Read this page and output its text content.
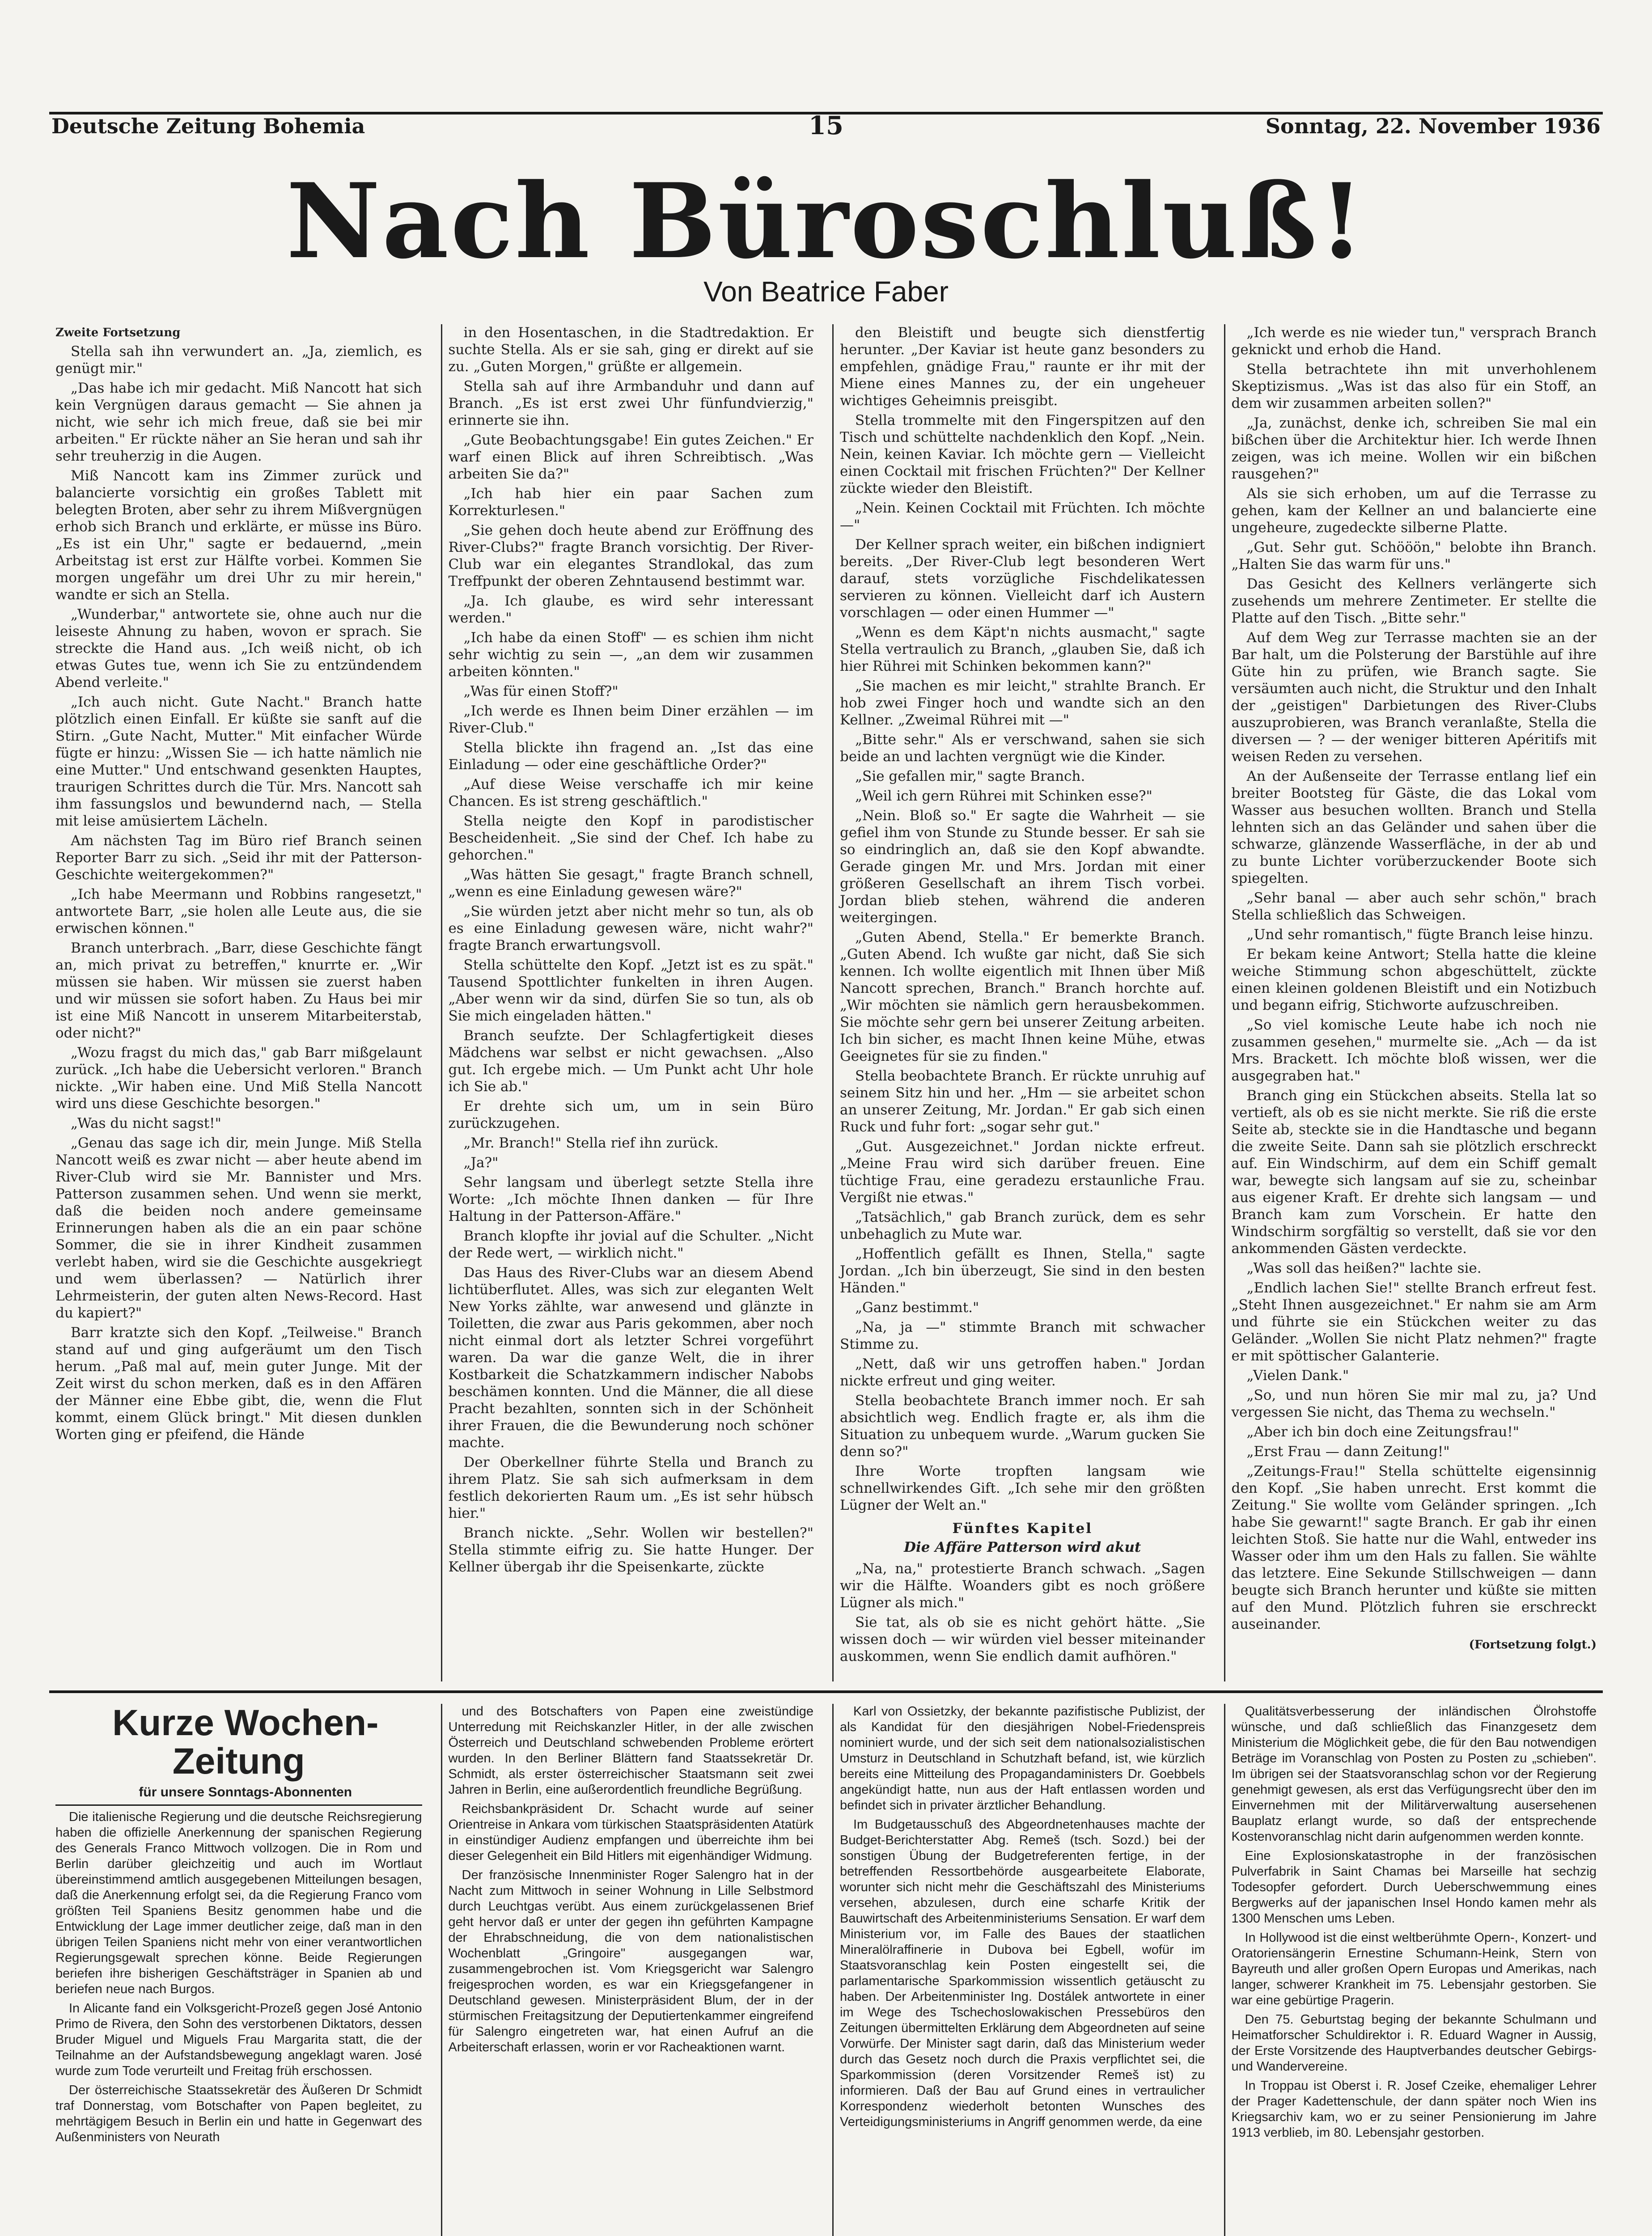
Deutsche Zeitung Bohemia	15	Sonntag, 22. November 1936
Nach Büroschluß!
Von Beatrice Faber

Zweite Fortsetzung

Stella sah ihn verwundert an. „Ja, ziemlich, es genügt mir."

„Das habe ich mir gedacht. Miß Nancott hat sich kein Vergnügen daraus gemacht — Sie ahnen ja nicht, wie sehr ich mich freue, daß sie bei mir arbeiten." Er rückte näher an Sie heran und sah ihr sehr treuherzig in die Augen.

Miß Nancott kam ins Zimmer zurück und balancierte vorsichtig ein großes Tablett mit belegten Broten, aber sehr zu ihrem Mißvergnügen erhob sich Branch und erklärte, er müsse ins Büro. „Es ist ein Uhr," sagte er bedauernd, „mein Arbeitstag ist erst zur Hälfte vorbei. Kommen Sie morgen ungefähr um drei Uhr zu mir herein," wandte er sich an Stella.

„Wunderbar," antwortete sie, ohne auch nur die leiseste Ahnung zu haben, wovon er sprach. Sie streckte die Hand aus. „Ich weiß nicht, ob ich etwas Gutes tue, wenn ich Sie zu entzündendem Abend verleite."

„Ich auch nicht. Gute Nacht." Branch hatte plötzlich einen Einfall. Er küßte sie sanft auf die Stirn. „Gute Nacht, Mutter." Mit einfacher Würde fügte er hinzu: „Wissen Sie — ich hatte nämlich nie eine Mutter." Und entschwand gesenkten Hauptes, traurigen Schrittes durch die Tür. Mrs. Nancott sah ihm fassungslos und bewundernd nach, — Stella mit leise amüsiertem Lächeln.

Am nächsten Tag im Büro rief Branch seinen Reporter Barr zu sich. „Seid ihr mit der Patterson-Geschichte weitergekommen?"

„Ich habe Meermann und Robbins rangesetzt," antwortete Barr, „sie holen alle Leute aus, die sie erwischen können."

Branch unterbrach. „Barr, diese Geschichte fängt an, mich privat zu betreffen," knurrte er. „Wir müssen sie haben. Wir müssen sie zuerst haben und wir müssen sie sofort haben. Zu Haus bei mir ist eine Miß Nancott in unserem Mitarbeiterstab, oder nicht?"

„Wozu fragst du mich das," gab Barr mißgelaunt zurück. „Ich habe die Uebersicht verloren." Branch nickte. „Wir haben eine. Und Miß Stella Nancott wird uns diese Geschichte besorgen."

„Was du nicht sagst!"

„Genau das sage ich dir, mein Junge. Miß Stella Nancott weiß es zwar nicht — aber heute abend im River-Club wird sie Mr. Bannister und Mrs. Patterson zusammen sehen. Und wenn sie merkt, daß die beiden noch andere gemeinsame Erinnerungen haben als die an ein paar schöne Sommer, die sie in ihrer Kindheit zusammen verlebt haben, wird sie die Geschichte ausgekriegt und wem überlassen? — Natürlich ihrer Lehrmeisterin, der guten alten News-Record. Hast du kapiert?"

Barr kratzte sich den Kopf. „Teilweise." Branch stand auf und ging aufgeräumt um den Tisch herum. „Paß mal auf, mein guter Junge. Mit der Zeit wirst du schon merken, daß es in den Affären der Männer eine Ebbe gibt, die, wenn die Flut kommt, einem Glück bringt." Mit diesen dunklen Worten ging er pfeifend, die Hände

in den Hosentaschen, in die Stadtredaktion. Er suchte Stella. Als er sie sah, ging er direkt auf sie zu. „Guten Morgen," grüßte er allgemein.

Stella sah auf ihre Armbanduhr und dann auf Branch. „Es ist erst zwei Uhr fünfundvierzig," erinnerte sie ihn.

„Gute Beobachtungsgabe! Ein gutes Zeichen." Er warf einen Blick auf ihren Schreibtisch. „Was arbeiten Sie da?"

„Ich hab hier ein paar Sachen zum Korrekturlesen."

„Sie gehen doch heute abend zur Eröffnung des River-Clubs?" fragte Branch vorsichtig. Der River-Club war ein elegantes Strandlokal, das zum Treffpunkt der oberen Zehntausend bestimmt war.

„Ja. Ich glaube, es wird sehr interessant werden."

„Ich habe da einen Stoff" — es schien ihm nicht sehr wichtig zu sein —, „an dem wir zusammen arbeiten könnten."

„Was für einen Stoff?"

„Ich werde es Ihnen beim Diner erzählen — im River-Club."

Stella blickte ihn fragend an. „Ist das eine Einladung — oder eine geschäftliche Order?"

„Auf diese Weise verschaffe ich mir keine Chancen. Es ist streng geschäftlich."

Stella neigte den Kopf in parodistischer Bescheidenheit. „Sie sind der Chef. Ich habe zu gehorchen."

„Was hätten Sie gesagt," fragte Branch schnell, „wenn es eine Einladung gewesen wäre?"

„Sie würden jetzt aber nicht mehr so tun, als ob es eine Einladung gewesen wäre, nicht wahr?" fragte Branch erwartungsvoll.

Stella schüttelte den Kopf. „Jetzt ist es zu spät." Tausend Spottlichter funkelten in ihren Augen. „Aber wenn wir da sind, dürfen Sie so tun, als ob Sie mich eingeladen hätten."

Branch seufzte. Der Schlagfertigkeit dieses Mädchens war selbst er nicht gewachsen. „Also gut. Ich ergebe mich. — Um Punkt acht Uhr hole ich Sie ab."

Er drehte sich um, um in sein Büro zurückzugehen.

„Mr. Branch!" Stella rief ihn zurück.

„Ja?"

Sehr langsam und überlegt setzte Stella ihre Worte: „Ich möchte Ihnen danken — für Ihre Haltung in der Patterson-Affäre."

Branch klopfte ihr jovial auf die Schulter. „Nicht der Rede wert, — wirklich nicht."

Das Haus des River-Clubs war an diesem Abend lichtüberflutet. Alles, was sich zur eleganten Welt New Yorks zählte, war anwesend und glänzte in Toiletten, die zwar aus Paris gekommen, aber noch nicht einmal dort als letzter Schrei vorgeführt waren. Da war die ganze Welt, die in ihrer Kostbarkeit die Schatzkammern indischer Nabobs beschämen konnten. Und die Männer, die all diese Pracht bezahlten, sonnten sich in der Schönheit ihrer Frauen, die die Bewunderung noch schöner machte.

Der Oberkellner führte Stella und Branch zu ihrem Platz. Sie sah sich aufmerksam in dem festlich dekorierten Raum um. „Es ist sehr hübsch hier."

Branch nickte. „Sehr. Wollen wir bestellen?" Stella stimmte eifrig zu. Sie hatte Hunger. Der Kellner übergab ihr die Speisenkarte, zückte

den Bleistift und beugte sich dienstfertig herunter. „Der Kaviar ist heute ganz besonders zu empfehlen, gnädige Frau," raunte er ihr mit der Miene eines Mannes zu, der ein ungeheuer wichtiges Geheimnis preisgibt.

Stella trommelte mit den Fingerspitzen auf den Tisch und schüttelte nachdenklich den Kopf. „Nein. Nein, keinen Kaviar. Ich möchte gern — Vielleicht einen Cocktail mit frischen Früchten?" Der Kellner zückte wieder den Bleistift.

„Nein. Keinen Cocktail mit Früchten. Ich möchte —"

Der Kellner sprach weiter, ein bißchen indigniert bereits. „Der River-Club legt besonderen Wert darauf, stets vorzügliche Fischdelikatessen servieren zu können. Vielleicht darf ich Austern vorschlagen — oder einen Hummer —"

„Wenn es dem Käpt'n nichts ausmacht," sagte Stella vertraulich zu Branch, „glauben Sie, daß ich hier Rührei mit Schinken bekommen kann?"

„Sie machen es mir leicht," strahlte Branch. Er hob zwei Finger hoch und wandte sich an den Kellner. „Zweimal Rührei mit —"

„Bitte sehr." Als er verschwand, sahen sie sich beide an und lachten vergnügt wie die Kinder.

„Sie gefallen mir," sagte Branch.

„Weil ich gern Rührei mit Schinken esse?"

„Nein. Bloß so." Er sagte die Wahrheit — sie gefiel ihm von Stunde zu Stunde besser. Er sah sie so eindringlich an, daß sie den Kopf abwandte. Gerade gingen Mr. und Mrs. Jordan mit einer größeren Gesellschaft an ihrem Tisch vorbei. Jordan blieb stehen, während die anderen weitergingen.

„Guten Abend, Stella." Er bemerkte Branch. „Guten Abend. Ich wußte gar nicht, daß Sie sich kennen. Ich wollte eigentlich mit Ihnen über Miß Nancott sprechen, Branch." Branch horchte auf. „Wir möchten sie nämlich gern herausbekommen. Sie möchte sehr gern bei unserer Zeitung arbeiten. Ich bin sicher, es macht Ihnen keine Mühe, etwas Geeignetes für sie zu finden."

Stella beobachtete Branch. Er rückte unruhig auf seinem Sitz hin und her. „Hm — sie arbeitet schon an unserer Zeitung, Mr. Jordan." Er gab sich einen Ruck und fuhr fort: „sogar sehr gut."

„Gut. Ausgezeichnet." Jordan nickte erfreut. „Meine Frau wird sich darüber freuen. Eine tüchtige Frau, eine geradezu erstaunliche Frau. Vergißt nie etwas."

„Tatsächlich," gab Branch zurück, dem es sehr unbehaglich zu Mute war.

„Hoffentlich gefällt es Ihnen, Stella," sagte Jordan. „Ich bin überzeugt, Sie sind in den besten Händen."

„Ganz bestimmt."

„Na, ja —" stimmte Branch mit schwacher Stimme zu.

„Nett, daß wir uns getroffen haben." Jordan nickte erfreut und ging weiter.

Stella beobachtete Branch immer noch. Er sah absichtlich weg. Endlich fragte er, als ihm die Situation zu unbequem wurde. „Warum gucken Sie denn so?"

Ihre Worte tropften langsam wie schnellwirkendes Gift. „Ich sehe mir den größten Lügner der Welt an."

Fünftes Kapitel

Die Affäre Patterson wird akut

„Na, na," protestierte Branch schwach. „Sagen wir die Hälfte. Woanders gibt es noch größere Lügner als mich."

Sie tat, als ob sie es nicht gehört hätte. „Sie wissen doch — wir würden viel besser miteinander auskommen, wenn Sie endlich damit aufhören."

„Ich werde es nie wieder tun," versprach Branch geknickt und erhob die Hand.

Stella betrachtete ihn mit unverhohlenem Skeptizismus. „Was ist das also für ein Stoff, an dem wir zusammen arbeiten sollen?"

„Ja, zunächst, denke ich, schreiben Sie mal ein bißchen über die Architektur hier. Ich werde Ihnen zeigen, was ich meine. Wollen wir ein bißchen rausgehen?"

Als sie sich erhoben, um auf die Terrasse zu gehen, kam der Kellner an und balancierte eine ungeheure, zugedeckte silberne Platte.

„Gut. Sehr gut. Schööön," belobte ihn Branch. „Halten Sie das warm für uns."

Das Gesicht des Kellners verlängerte sich zusehends um mehrere Zentimeter. Er stellte die Platte auf den Tisch. „Bitte sehr."

Auf dem Weg zur Terrasse machten sie an der Bar halt, um die Polsterung der Barstühle auf ihre Güte hin zu prüfen, wie Branch sagte. Sie versäumten auch nicht, die Struktur und den Inhalt der „geistigen" Darbietungen des River-Clubs auszuprobieren, was Branch veranlaßte, Stella die diversen — ? — der weniger bitteren Apéritifs mit weisen Reden zu versehen.

An der Außenseite der Terrasse entlang lief ein breiter Bootsteg für Gäste, die das Lokal vom Wasser aus besuchen wollten. Branch und Stella lehnten sich an das Geländer und sahen über die schwarze, glänzende Wasserfläche, in der ab und zu bunte Lichter vorüberzuckender Boote sich spiegelten.

„Sehr banal — aber auch sehr schön," brach Stella schließlich das Schweigen.

„Und sehr romantisch," fügte Branch leise hinzu.

Er bekam keine Antwort; Stella hatte die kleine weiche Stimmung schon abgeschüttelt, zückte einen kleinen goldenen Bleistift und ein Notizbuch und begann eifrig, Stichworte aufzuschreiben.

„So viel komische Leute habe ich noch nie zusammen gesehen," murmelte sie. „Ach — da ist Mrs. Brackett. Ich möchte bloß wissen, wer die ausgegraben hat."

Branch ging ein Stückchen abseits. Stella lat so vertieft, als ob es sie nicht merkte. Sie riß die erste Seite ab, steckte sie in die Handtasche und begann die zweite Seite. Dann sah sie plötzlich erschreckt auf. Ein Windschirm, auf dem ein Schiff gemalt war, bewegte sich langsam auf sie zu, scheinbar aus eigener Kraft. Er drehte sich langsam — und Branch kam zum Vorschein. Er hatte den Windschirm sorgfältig so verstellt, daß sie vor den ankommenden Gästen verdeckte.

„Was soll das heißen?" lachte sie.

„Endlich lachen Sie!" stellte Branch erfreut fest. „Steht Ihnen ausgezeichnet." Er nahm sie am Arm und führte sie ein Stückchen weiter zu das Geländer. „Wollen Sie nicht Platz nehmen?" fragte er mit spöttischer Galanterie.

„Vielen Dank."

„So, und nun hören Sie mir mal zu, ja? Und vergessen Sie nicht, das Thema zu wechseln."

„Aber ich bin doch eine Zeitungsfrau!"

„Erst Frau — dann Zeitung!"

„Zeitungs-Frau!" Stella schüttelte eigensinnig den Kopf. „Sie haben unrecht. Erst kommt die Zeitung." Sie wollte vom Geländer springen. „Ich habe Sie gewarnt!" sagte Branch. Er gab ihr einen leichten Stoß. Sie hatte nur die Wahl, entweder ins Wasser oder ihm um den Hals zu fallen. Sie wählte das letztere. Eine Sekunde Stillschweigen — dann beugte sich Branch herunter und küßte sie mitten auf den Mund. Plötzlich fuhren sie erschreckt auseinander.

(Fortsetzung folgt.)

Kurze Wochen-Zeitung

für unsere Sonntags-Abonnenten

Die italienische Regierung und die deutsche Reichsregierung haben die offizielle Anerkennung der spanischen Regierung des Generals Franco Mittwoch vollzogen. Die in Rom und Berlin darüber gleichzeitig und auch im Wortlaut übereinstimmend amtlich ausgegebenen Mitteilungen besagen, daß die Anerkennung erfolgt sei, da die Regierung Franco vom größten Teil Spaniens Besitz genommen habe und die Entwicklung der Lage immer deutlicher zeige, daß man in den übrigen Teilen Spaniens nicht mehr von einer verantwortlichen Regierungsgewalt sprechen könne. Beide Regierungen beriefen ihre bisherigen Geschäftsträger in Spanien ab und beriefen neue nach Burgos.

In Alicante fand ein Volksgericht-Prozeß gegen José Antonio Primo de Rivera, den Sohn des verstorbenen Diktators, dessen Bruder Miguel und Miguels Frau Margarita statt, die der Teilnahme an der Aufstandsbewegung angeklagt waren. José wurde zum Tode verurteilt und Freitag früh erschossen.

Der österreichische Staatssekretär des Äußeren Dr Schmidt traf Donnerstag, vom Botschafter von Papen begleitet, zu mehrtägigem Besuch in Berlin ein und hatte in Gegenwart des Außenministers von Neurath

und des Botschafters von Papen eine zweistündige Unterredung mit Reichskanzler Hitler, in der alle zwischen Österreich und Deutschland schwebenden Probleme erörtert wurden. In den Berliner Blättern fand Staatssekretär Dr. Schmidt, als erster österreichischer Staatsmann seit zwei Jahren in Berlin, eine außerordentlich freundliche Begrüßung.

Reichsbankpräsident Dr. Schacht wurde auf seiner Orientreise in Ankara vom türkischen Staatspräsidenten Atatürk in einstündiger Audienz empfangen und überreichte ihm bei dieser Gelegenheit ein Bild Hitlers mit eigenhändiger Widmung.

Der französische Innenminister Roger Salengro hat in der Nacht zum Mittwoch in seiner Wohnung in Lille Selbstmord durch Leuchtgas verübt. Aus einem zurückgelassenen Brief geht hervor daß er unter der gegen ihn geführten Kampagne der Ehrabschneidung, die von dem nationalistischen Wochenblatt „Gringoire" ausgegangen war, zusammengebrochen ist. Vom Kriegsgericht war Salengro freigesprochen worden, es war ein Kriegsgefangener in Deutschland gewesen. Ministerpräsident Blum, der in der stürmischen Freitagsitzung der Deputiertenkammer eingreifend für Salengro eingetreten war, hat einen Aufruf an die Arbeiterschaft erlassen, worin er vor Racheaktionen warnt.

Karl von Ossietzky, der bekannte pazifistische Publizist, der als Kandidat für den diesjährigen Nobel-Friedenspreis nominiert wurde, und der sich seit dem nationalsozialistischen Umsturz in Deutschland in Schutzhaft befand, ist, wie kürzlich bereits eine Mitteilung des Propagandaministers Dr. Goebbels angekündigt hatte, nun aus der Haft entlassen worden und befindet sich in privater ärztlicher Behandlung.

Im Budgetausschuß des Abgeordnetenhauses machte der Budget-Berichterstatter Abg. Remeš (tsch. Sozd.) bei der sonstigen Übung der Budgetreferenten fertige, in der betreffenden Ressortbehörde ausgearbeitete Elaborate, worunter sich nicht mehr die Geschäftszahl des Ministeriums versehen, abzulesen, durch eine scharfe Kritik der Bauwirtschaft des Arbeitenministeriums Sensation. Er warf dem Ministerium vor, im Falle des Baues der staatlichen Mineralölraffinerie in Dubova bei Egbell, wofür im Staatsvoranschlag kein Posten eingestellt sei, die parlamentarische Sparkommission wissentlich getäuscht zu haben. Der Arbeitenminister Ing. Dostálek antwortete in einer im Wege des Tschechoslowakischen Pressebüros den Zeitungen übermittelten Erklärung dem Abgeordneten auf seine Vorwürfe. Der Minister sagt darin, daß das Ministerium weder durch das Gesetz noch durch die Praxis verpflichtet sei, die Sparkommission (deren Vorsitzender Remeš ist) zu informieren. Daß der Bau auf Grund eines in vertraulicher Korrespondenz wiederholt betonten Wunsches des Verteidigungsministeriums in Angriff genommen werde, da eine

Qualitätsverbesserung der inländischen Ölrohstoffe wünsche, und daß schließlich das Finanzgesetz dem Ministerium die Möglichkeit gebe, die für den Bau notwendigen Beträge im Voranschlag von Posten zu Posten zu „schieben". Im übrigen sei der Staatsvoranschlag schon vor der Regierung genehmigt gewesen, als erst das Verfügungsrecht über den im Einvernehmen mit der Militärverwaltung ausersehenen Bauplatz erlangt wurde, so daß der entsprechende Kostenvoranschlag nicht darin aufgenommen werden konnte.

Eine Explosionskatastrophe in der französischen Pulverfabrik in Saint Chamas bei Marseille hat sechzig Todesopfer gefordert. Durch Ueberschwemmung eines Bergwerks auf der japanischen Insel Hondo kamen mehr als 1300 Menschen ums Leben.

In Hollywood ist die einst weltberühmte Opern-, Konzert- und Oratoriensängerin Ernestine Schumann-Heink, Stern von Bayreuth und aller großen Opern Europas und Amerikas, nach langer, schwerer Krankheit im 75. Lebensjahr gestorben. Sie war eine gebürtige Pragerin.

Den 75. Geburtstag beging der bekannte Schulmann und Heimatforscher Schuldirektor i. R. Eduard Wagner in Aussig, der Erste Vorsitzende des Hauptverbandes deutscher Gebirgs- und Wandervereine.

In Troppau ist Oberst i. R. Josef Czeike, ehemaliger Lehrer der Prager Kadettenschule, der dann später noch Wien ins Kriegsarchiv kam, wo er zu seiner Pensionierung im Jahre 1913 verblieb, im 80. Lebensjahr gestorben.
